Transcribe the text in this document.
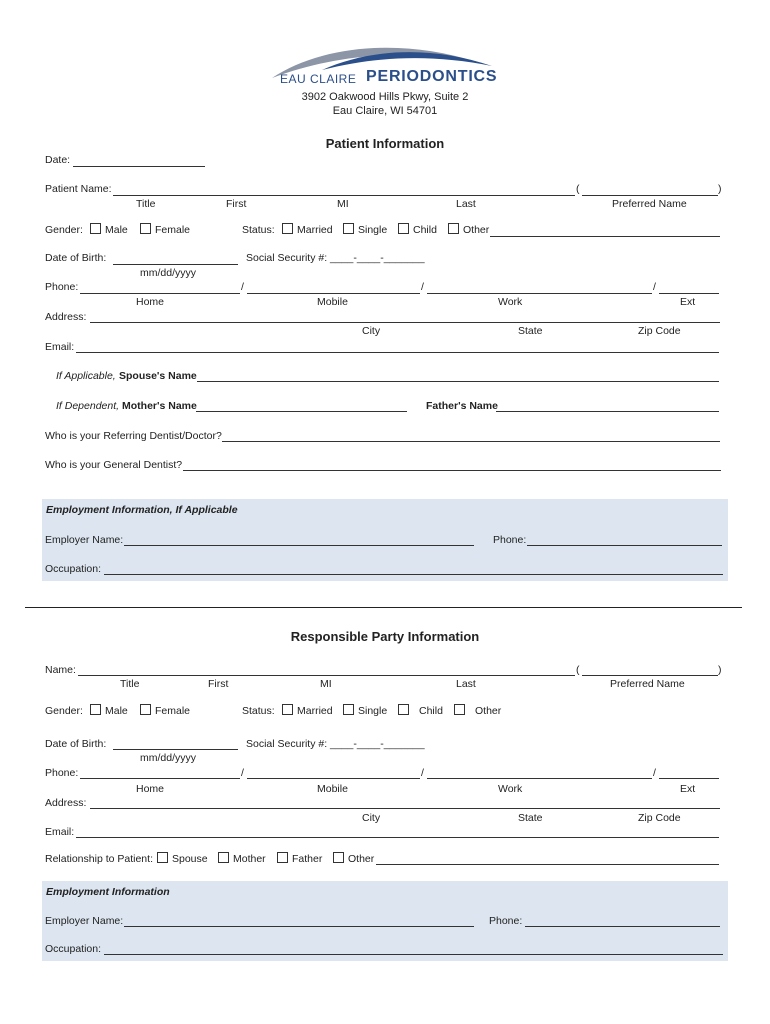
EAU CLAIRE PERIODONTICS
3902 Oakwood Hills Pkwy, Suite 2
Eau Claire, WI 54701
Patient Information
Date:
Patient Name:	(	)
Title	First	MI	Last	Preferred Name
Gender:	Male	Female	Status:	Married	Single	Child	Other
Date of Birth:
mm/dd/yyyy
Social Security #: ____-____-_______
Phone:	/	/	/
Home	Mobile	Work	Ext
Address:
City	State	Zip Code
Email:
If Applicable, Spouse's Name
If Dependent, Mother's Name	Father's Name
Who is your Referring Dentist/Doctor?
Who is your General Dentist?
Employment Information, If Applicable
Employer Name:	Phone:
Occupation:
Responsible Party Information
Name:	(	)
Title	First	MI	Last	Preferred Name
Gender:	Male	Female	Status:	Married	Single	Child	Other
Date of Birth:
mm/dd/yyyy
Social Security #: ____-____-_______
Phone:	/	/	/
Home	Mobile	Work	Ext
Address:
City	State	Zip Code
Email:
Relationship to Patient:	Spouse	Mother	Father	Other
Employment Information
Employer Name:	Phone:
Occupation:
